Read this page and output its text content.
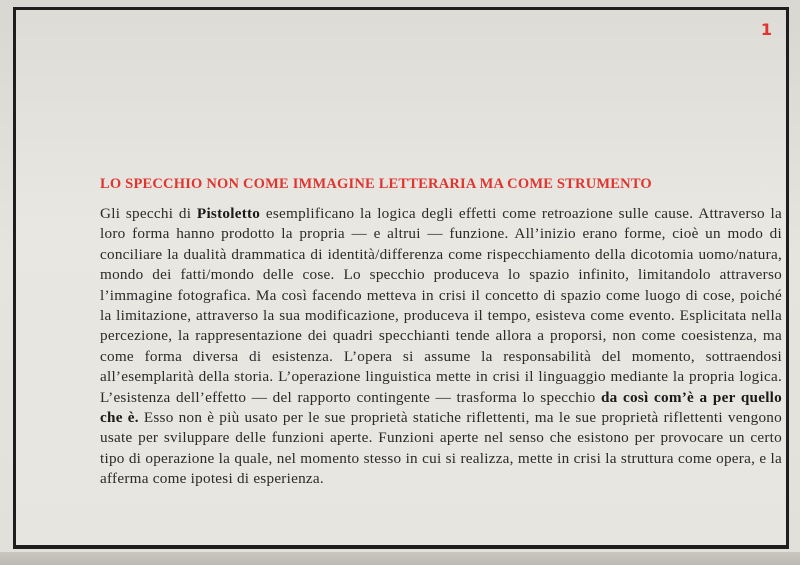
1
LO SPECCHIO NON COME IMMAGINE LETTERARIA MA COME STRUMENTO

Gli specchi di Pistoletto esemplificano la logica degli effetti come retroazione sulle cause. Attraverso la loro forma hanno prodotto la propria — e altrui — funzione. All’inizio erano forme, cioè un modo di conciliare la dualità drammatica di identità/differenza come rispecchiamento della dicotomia uomo/natura, mondo dei fatti/mondo delle cose. Lo specchio produceva lo spazio infinito, limitandolo attraverso l’immagine fotografica. Ma così facendo metteva in crisi il concetto di spazio come luogo di cose, poiché la limitazione, attraverso la sua modificazione, produceva il tempo, esisteva come evento. Esplicitata nella percezione, la rappresentazione dei quadri specchianti tende allora a proporsi, non come coesistenza, ma come forma diversa di esistenza. L’opera si assume la responsabilità del momento, sottraendosi all’esemplarità della storia. L’operazione linguistica mette in crisi il linguaggio mediante la propria logica. L’esistenza dell’effetto — del rapporto contingente — trasforma lo specchio da così com’è a per quello che è. Esso non è più usato per le sue proprietà statiche riflettenti, ma le sue proprietà riflettenti vengono usate per sviluppare delle funzioni aperte. Funzioni aperte nel senso che esistono per provocare un certo tipo di operazione la quale, nel momento stesso in cui si realizza, mette in crisi la struttura come opera, e la afferma come ipotesi di esperienza.
